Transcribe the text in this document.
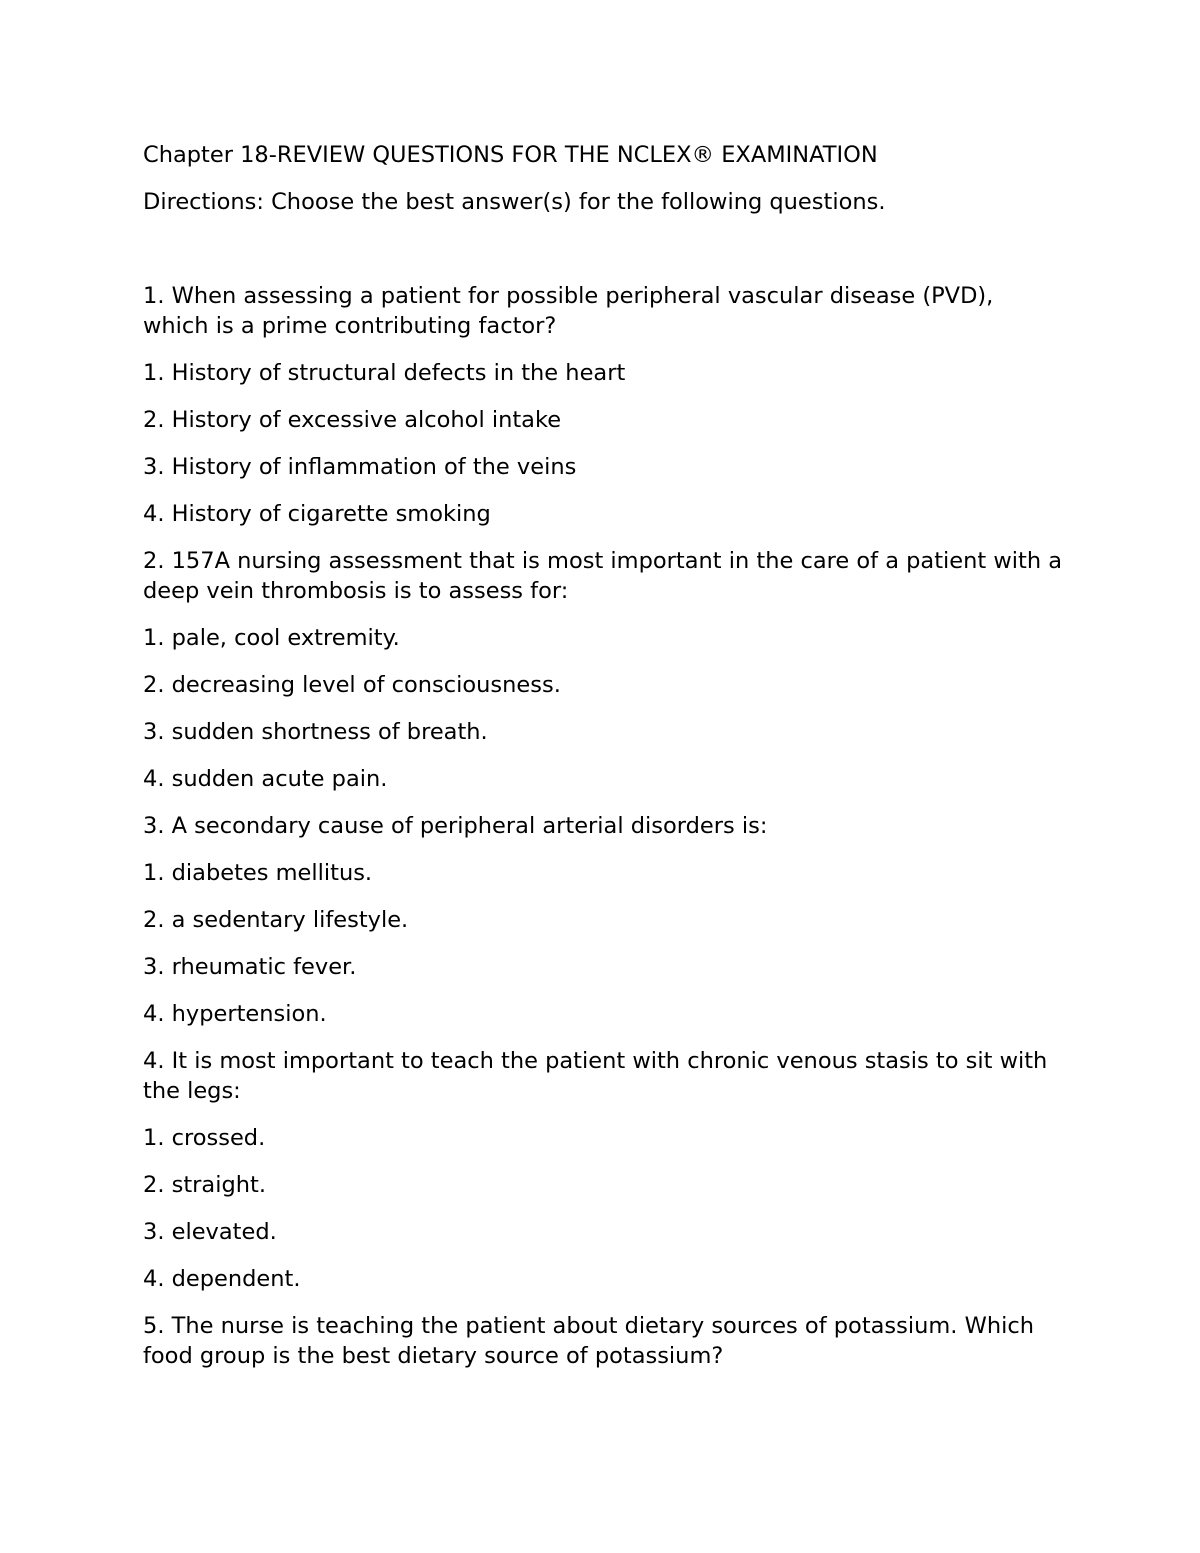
Chapter 18-REVIEW QUESTIONS FOR THE NCLEX® EXAMINATION

Directions: Choose the best answer(s) for the following questions.

1. When assessing a patient for possible peripheral vascular disease (PVD), which is a prime contributing factor?

1. History of structural defects in the heart

2. History of excessive alcohol intake

3. History of inflammation of the veins

4. History of cigarette smoking

2. 157A nursing assessment that is most important in the care of a patient with a deep vein thrombosis is to assess for:

1. pale, cool extremity.

2. decreasing level of consciousness.

3. sudden shortness of breath.

4. sudden acute pain.

3. A secondary cause of peripheral arterial disorders is:

1. diabetes mellitus.

2. a sedentary lifestyle.

3. rheumatic fever.

4. hypertension.

4. It is most important to teach the patient with chronic venous stasis to sit with the legs:

1. crossed.

2. straight.

3. elevated.

4. dependent.

5. The nurse is teaching the patient about dietary sources of potassium. Which food group is the best dietary source of potassium?
